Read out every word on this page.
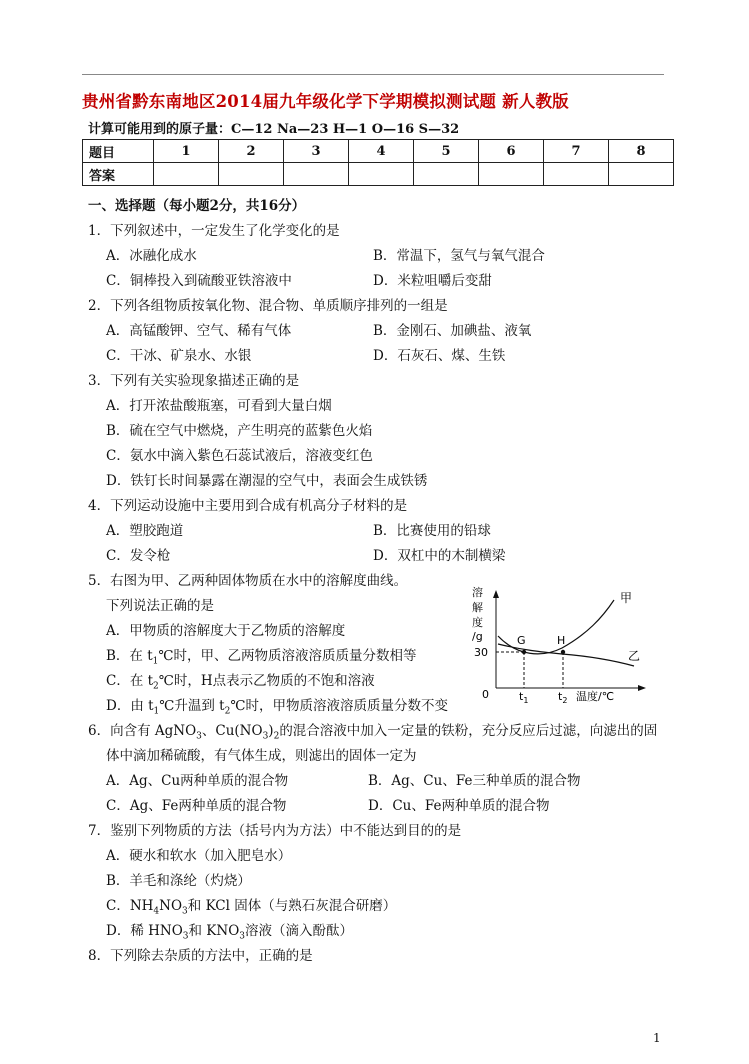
贵州省黔东南地区2014届九年级化学下学期模拟测试题 新人教版
计算可能用到的原子量：C—12 Na—23 H—1 O—16 S—32
题目	1	2	3	4	5	6	7	8
答案								
一、选择题（每小题2分，共16分）
1．下列叙述中，一定发生了化学变化的是
A．冰融化成水	B．常温下，氢气与氧气混合
C．铜棒投入到硫酸亚铁溶液中	D．米粒咀嚼后变甜
2．下列各组物质按氧化物、混合物、单质顺序排列的一组是
A．高锰酸钾、空气、稀有气体	B．金刚石、加碘盐、液氧
C．干冰、矿泉水、水银	D．石灰石、煤、生铁
3．下列有关实验现象描述正确的是
A．打开浓盐酸瓶塞，可看到大量白烟
B．硫在空气中燃烧，产生明亮的蓝紫色火焰
C．氨水中滴入紫色石蕊试液后，溶液变红色
D．铁钉长时间暴露在潮湿的空气中，表面会生成铁锈
4．下列运动设施中主要用到合成有机高分子材料的是
A．塑胶跑道	B．比赛使用的铅球
C．发令枪	D．双杠中的木制横梁
5．右图为甲、乙两种固体物质在水中的溶解度曲线。
下列说法正确的是
A．甲物质的溶解度大于乙物质的溶解度
B．在 $t_1℃$时，甲、乙两物质溶液溶质质量分数相等
C．在 $t_2℃$时，H点表示乙物质的不饱和溶液
D．由 $t_1℃$升温到 $t_2℃$时，甲物质溶液溶质质量分数不变
溶
解
度
/g	G	H
30
0	$t_1$	$t_2$ 温度/℃
甲
乙
6．向含有 AgNO$_3$、$Cu(NO_3)_2$的混合溶液中加入一定量的铁粉，充分反应后过滤，向滤出的固
体中滴加稀硫酸，有气体生成，则滤出的固体一定为
A．Ag、Cu两种单质的混合物	B．Ag、Cu、Fe三种单质的混合物
C．Ag、Fe两种单质的混合物	D．Cu、Fe两种单质的混合物
7．鉴别下列物质的方法（括号内为方法）中不能达到目的的是
A．硬水和软水（加入肥皂水）
B．羊毛和涤纶（灼烧）
C．$NH_4NO_3$和 KCl 固体（与熟石灰混合研磨）
D．稀 $HNO_3$和 $KNO_3$溶液（滴入酚酞）
8．下列除去杂质的方法中，正确的是
1
